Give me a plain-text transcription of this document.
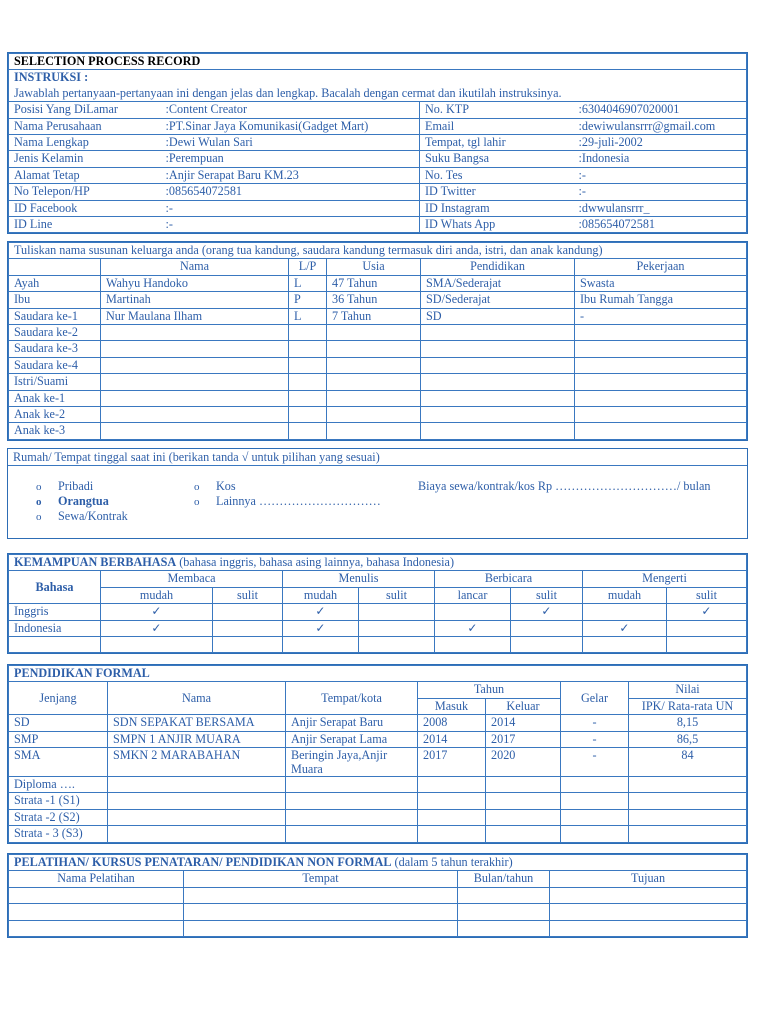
SELECTION PROCESS RECORD			
INSTRUKSI :			
Jawablah pertanyaan-pertanyaan ini dengan jelas dan lengkap. Bacalah dengan cermat dan ikutilah instruksinya.			
Posisi Yang DiLamar	:Content Creator	No. KTP	:6304046907020001
Nama Perusahaan	:PT.Sinar Jaya Komunikasi(Gadget Mart)	Email	:dewiwulansrrr@gmail.com
Nama Lengkap	:Dewi Wulan Sari	Tempat, tgl lahir	:29-juli-2002
Jenis Kelamin	:Perempuan	Suku Bangsa	:Indonesia
Alamat Tetap	:Anjir Serapat Baru KM.23	No. Tes	:-
No Telepon/HP	:085654072581	ID Twitter	:-
ID Facebook	:-	ID Instagram	:dwwulansrrr_
ID Line	:-	ID Whats App	:085654072581
Tuliskan nama susunan keluarga anda (orang tua kandung, saudara kandung termasuk diri anda, istri, dan anak kandung)					
	Nama	L/P	Usia	Pendidikan	Pekerjaan
Ayah	Wahyu Handoko	L	47 Tahun	SMA/Sederajat	Swasta
Ibu	Martinah	P	36 Tahun	SD/Sederajat	Ibu Rumah Tangga
Saudara ke-1	Nur Maulana Ilham	L	7 Tahun	SD	-
Saudara ke-2					
Saudara ke-3					
Saudara ke-4					
Istri/Suami					
Anak ke-1					
Anak ke-2					
Anak ke-3					
Rumah/ Tempat tinggal saat ini (berikan tanda √ untuk pilihan yang sesuai)
o Pribadi
o Orangtua
o Sewa/Kontrak
o Kos
o Lainnya …………………………
Biaya sewa/kontrak/kos Rp …………………………/ bulan
KEMAMPUAN BERBAHASA (bahasa inggris, bahasa asing lainnya, bahasa Indonesia)								
Bahasa	Membaca		Menulis		Berbicara		Mengerti	
	mudah	sulit	mudah	sulit	lancar	sulit	mudah	sulit
Inggris	✓		✓			✓		✓
Indonesia	✓		✓		✓		✓	

PENDIDIKAN FORMAL						
Jenjang	Nama	Tempat/kota	Tahun		Gelar	Nilai
			Masuk	Keluar		IPK/ Rata-rata UN
SD	SDN SEPAKAT BERSAMA	Anjir Serapat Baru	2008	2014	-	8,15
SMP	SMPN 1 ANJIR MUARA	Anjir Serapat Lama	2014	2017	-	86,5
SMA	SMKN 2 MARABAHAN	Beringin Jaya,Anjir Muara	2017	2020	-	84
Diploma ….						
Strata -1 (S1)						
Strata -2 (S2)						
Strata - 3 (S3)						
PELATIHAN/ KURSUS PENATARAN/ PENDIDIKAN NON FORMAL (dalam 5 tahun terakhir)			
Nama Pelatihan	Tempat	Bulan/tahun	Tujuan
